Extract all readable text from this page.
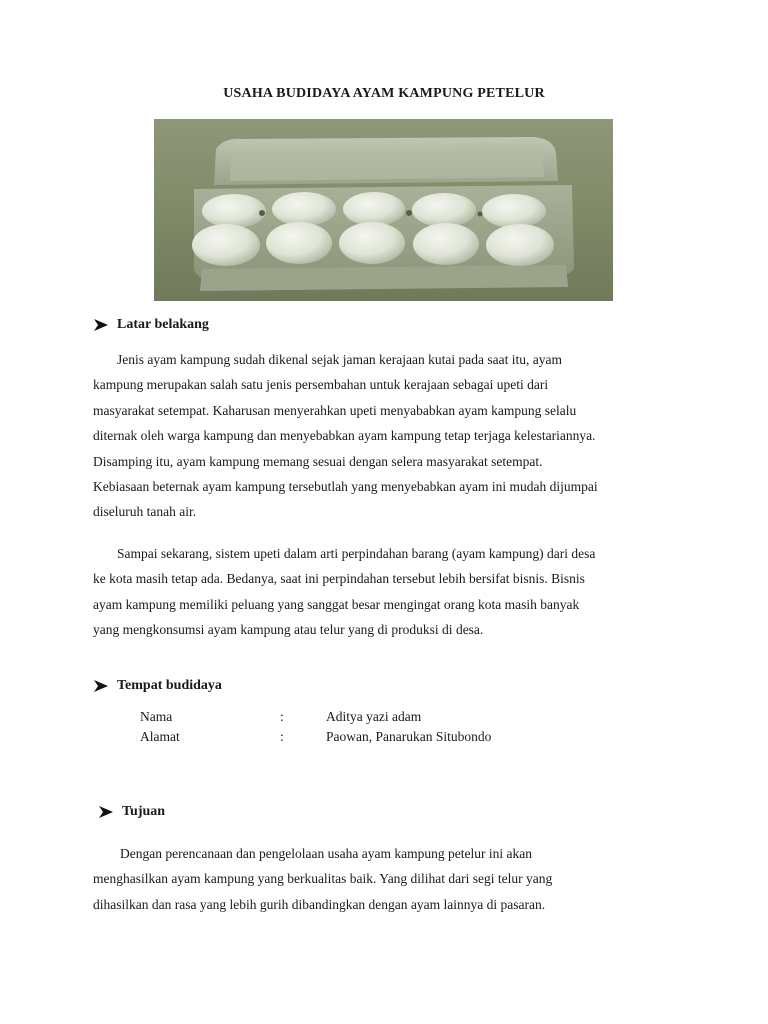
USAHA BUDIDAYA AYAM KAMPUNG PETELUR
Latar belakang
Jenis ayam kampung sudah dikenal sejak jaman kerajaan kutai pada saat itu, ayam
kampung merupakan salah satu jenis persembahan untuk kerajaan sebagai upeti dari
masyarakat setempat. Kaharusan menyerahkan upeti menyababkan ayam kampung selalu
diternak oleh warga kampung dan menyebabkan ayam kampung tetap terjaga kelestariannya.
Disamping itu, ayam kampung memang sesuai dengan selera masyarakat setempat.
Kebiasaan beternak ayam kampung tersebutlah yang menyebabkan ayam ini mudah dijumpai
diseluruh tanah air.
Sampai sekarang, sistem upeti dalam arti perpindahan barang (ayam kampung) dari desa
ke kota masih tetap ada. Bedanya, saat ini perpindahan tersebut lebih bersifat bisnis. Bisnis
ayam kampung memiliki peluang yang sanggat besar mengingat orang kota masih banyak
yang mengkonsumsi ayam kampung atau telur yang di produksi di desa.
Tempat budidaya
Nama	:	Aditya yazi adam
Alamat	:	Paowan, Panarukan Situbondo
Tujuan
Dengan perencanaan dan pengelolaan usaha ayam kampung petelur ini akan
menghasilkan ayam kampung yang berkualitas baik. Yang dilihat dari segi telur yang
dihasilkan dan rasa yang lebih gurih dibandingkan dengan ayam lainnya di pasaran.
